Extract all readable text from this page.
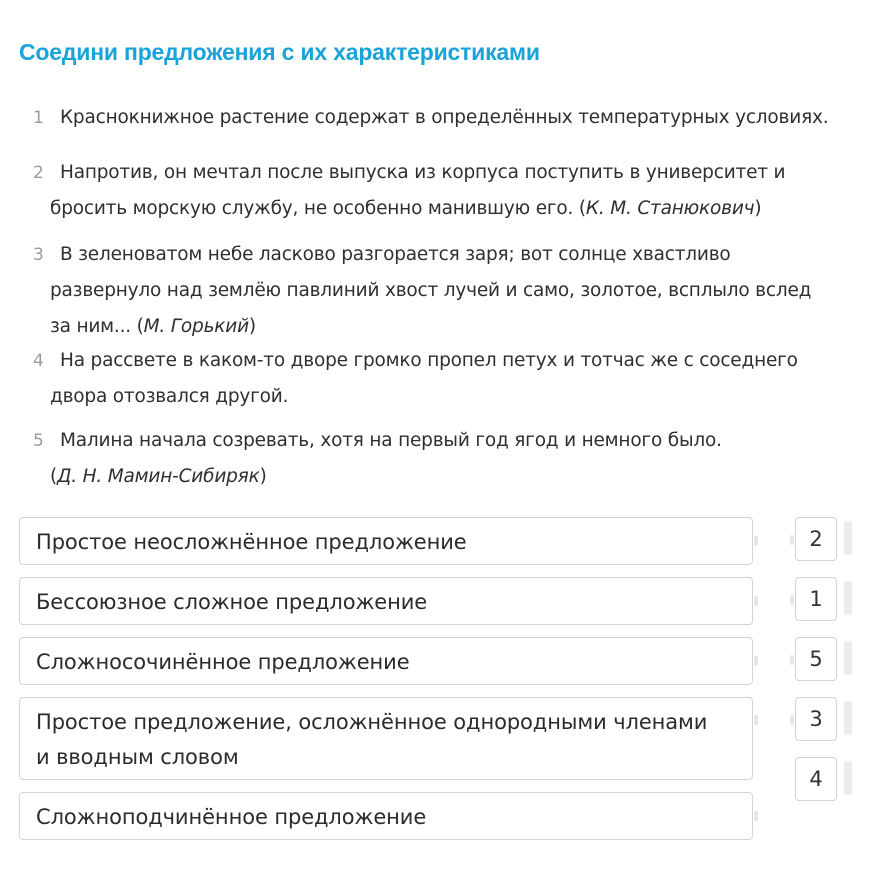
Соедини предложения с их характеристиками
1 Краснокнижное растение содержат в определённых температурных условиях.
2 Напротив, он мечтал после выпуска из корпуса поступить в университет и бросить морскую службу, не особенно манившую его. (К. М. Станюкович)
3 В зеленоватом небе ласково разгорается заря; вот солнце хвастливо развернуло над землёю павлиний хвост лучей и само, золотое, всплыло вслед за ним... (М. Горький)
4 На рассвете в каком-то дворе громко пропел петух и тотчас же с соседнего двора отозвался другой.
5 Малина начала созревать, хотя на первый год ягод и немного было. (Д. Н. Мамин-Сибиряк)
Простое неосложнённое предложение
Бессоюзное сложное предложение
Сложносочинённое предложение
Простое предложение, осложнённое однородными членами и вводным словом
Сложноподчинённое предложение
2
1
5
3
4
